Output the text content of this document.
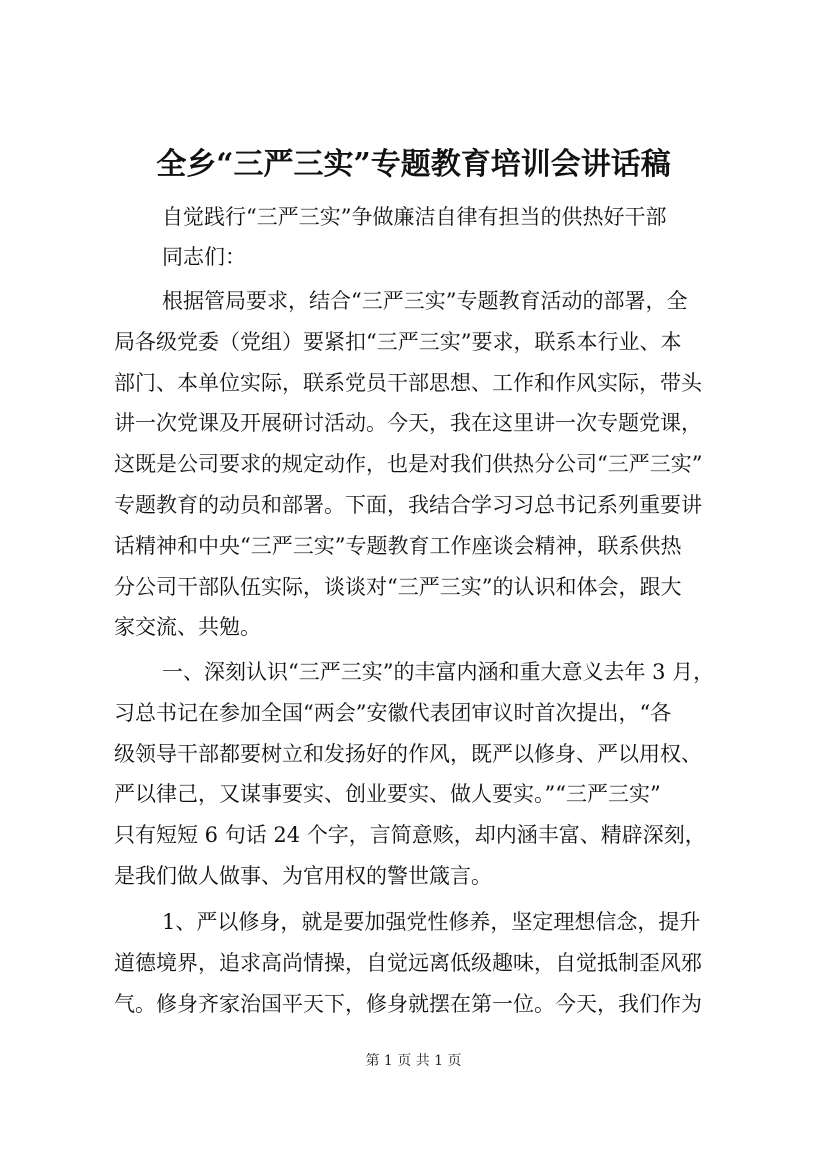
全乡“三严三实”专题教育培训会讲话稿
自觉践行“三严三实”争做廉洁自律有担当的供热好干部
同志们：
根据管局要求，结合“三严三实”专题教育活动的部署，全
局各级党委（党组）要紧扣“三严三实”要求，联系本行业、本
部门、本单位实际，联系党员干部思想、工作和作风实际，带头
讲一次党课及开展研讨活动。今天，我在这里讲一次专题党课，
这既是公司要求的规定动作，也是对我们供热分公司“三严三实”
专题教育的动员和部署。下面，我结合学习习总书记系列重要讲
话精神和中央“三严三实”专题教育工作座谈会精神，联系供热
分公司干部队伍实际，谈谈对“三严三实”的认识和体会，跟大
家交流、共勉。
一、深刻认识“三严三实”的丰富内涵和重大意义去年 3 月，
习总书记在参加全国“两会”安徽代表团审议时首次提出，“各
级领导干部都要树立和发扬好的作风，既严以修身、严以用权、
严以律己，又谋事要实、创业要实、做人要实。”“三严三实”
只有短短 6 句话 24 个字，言简意赅，却内涵丰富、精辟深刻，
是我们做人做事、为官用权的警世箴言。
1、严以修身，就是要加强党性修养，坚定理想信念，提升
道德境界，追求高尚情操，自觉远离低级趣味，自觉抵制歪风邪
气。修身齐家治国平天下，修身就摆在第一位。今天，我们作为
第 1 页 共 1 页
